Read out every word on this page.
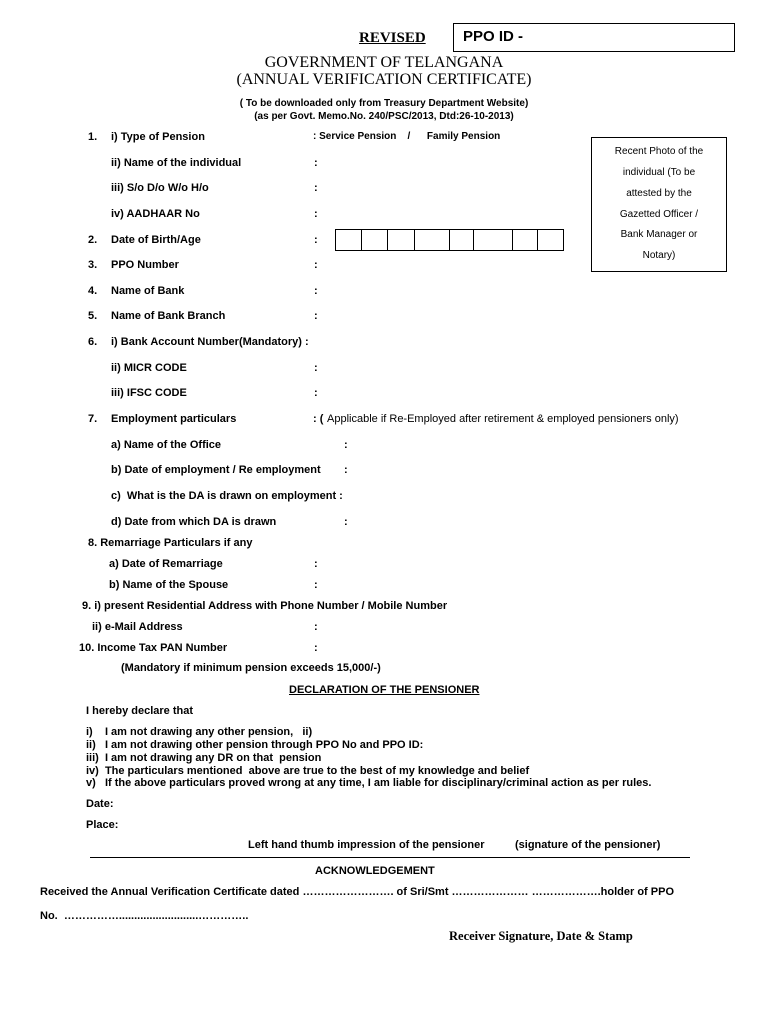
REVISED PPO ID -
GOVERNMENT OF TELANGANA
(ANNUAL VERIFICATION CERTIFICATE)
( To be downloaded only from Treasury Department Website)
(as per Govt. Memo.No. 240/PSC/2013, Dtd:26-10-2013)
Recent Photo of the
individual (To be
attested by the
Gazetted Officer /
Bank Manager or
Notary)
1. i) Type of Pension	: Service Pension    /      Family Pension
ii) Name of the individual	:
iii) S/o D/o W/o H/o	:
iv) AADHAAR No	:
2. Date of Birth/Age	:
3. PPO Number	:
4. Name of Bank	:
5. Name of Bank Branch	:
6. i) Bank Account Number(Mandatory) :
ii) MICR CODE	:
iii) IFSC CODE	:
7. Employment particulars	: ( Applicable if Re-Employed after retirement & employed pensioners only)
a) Name of the Office	:
b) Date of employment / Re employment :
c)  What is the DA is drawn on employment :
d) Date from which DA is drawn	:
8. Remarriage Particulars if any
a) Date of Remarriage	:
b) Name of the Spouse	:
9. i) present Residential Address with Phone Number / Mobile Number
ii) e-Mail Address	:
10. Income Tax PAN Number	:
(Mandatory if minimum pension exceeds 15,000/-)
DECLARATION OF THE PENSIONER
I hereby declare that
i)    I am not drawing any other pension,   ii)
ii)   I am not drawing other pension through PPO No and PPO ID:
iii)  I am not drawing any DR on that  pension
iv)  The particulars mentioned  above are true to the best of my knowledge and belief
v)   If the above particulars proved wrong at any time, I am liable for disciplinary/criminal action as per rules.
Date:
Place:
Left hand thumb impression of the pensioner	(signature of the pensioner)
ACKNOWLEDGEMENT
Received the Annual Verification Certificate dated ……………………. of Sri/Smt ………………… ……………….holder of PPO
No.  ……………..........................…………..
Receiver Signature, Date & Stamp
